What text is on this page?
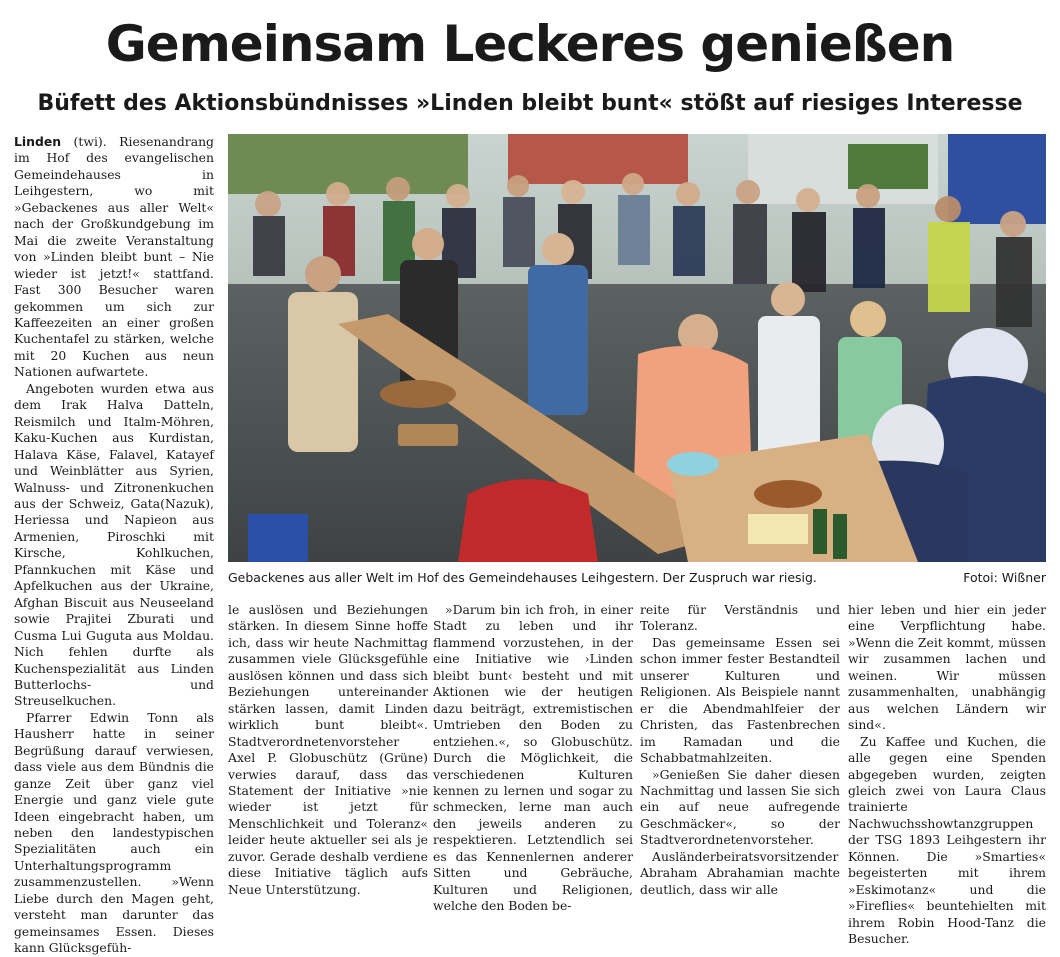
Gemeinsam Leckeres genießen
Büfett des Aktionsbündnisses »Linden bleibt bunt« stößt auf riesiges Interesse

Linden (twi). Riesenandrang im Hof des evangelischen Gemeindehauses in Leihgestern, wo mit »Gebackenes aus aller Welt« nach der Großkundgebung im Mai die zweite Veranstaltung von »Linden bleibt bunt – Nie wieder ist jetzt!« stattfand. Fast 300 Besucher waren gekommen um sich zur Kaffeezeiten an einer großen Kuchentafel zu stärken, welche mit 20 Kuchen aus neun Nationen aufwartete.

Angeboten wurden etwa aus dem Irak Halva Datteln, Reismilch und Italm-Möhren, Kaku-Kuchen aus Kurdistan, Halava Käse, Falavel, Katayef und Weinblätter aus Syrien, Walnuss- und Zitronenkuchen aus der Schweiz, Gata(Nazuk), Heriessa und Napieon aus Armenien, Piroschki mit Kirsche, Kohlkuchen, Pfannkuchen mit Käse und Apfelkuchen aus der Ukraine, Afghan Biscuit aus Neuseeland sowie Prajitei Zburati und Cusma Lui Guguta aus Moldau. Nich fehlen durfte als Kuchenspezialität aus Linden Butterlochs- und Streuselkuchen.

Pfarrer Edwin Tonn als Hausherr hatte in seiner Begrüßung darauf verwiesen, dass viele aus dem Bündnis die ganze Zeit über ganz viel Energie und ganz viele gute Ideen eingebracht haben, um neben den landestypischen Spezialitäten auch ein Unterhaltungsprogramm zusammenzustellen. »Wenn Liebe durch den Magen geht, versteht man darunter das gemeinsames Essen. Dieses kann Glücksgefüh-

Gebackenes aus aller Welt im Hof des Gemeindehauses Leihgestern. Der Zuspruch war riesig.	Fotoi: Wißner

le auslösen und Beziehungen stärken. In diesem Sinne hoffe ich, dass wir heute Nachmittag zusammen viele Glücksgefühle auslösen können und dass sich Beziehungen untereinander stärken lassen, damit Linden wirklich bunt bleibt«. Stadtverordnetenvorsteher Axel P. Globuschütz (Grüne) verwies darauf, dass das Statement der Initiative »nie wieder ist jetzt für Menschlichkeit und Toleranz« leider heute aktueller sei als je zuvor. Gerade deshalb verdiene diese Initiative täglich aufs Neue Unterstützung.

»Darum bin ich froh, in einer Stadt zu leben und ihr flammend vorzustehen, in der eine Initiative wie ›Linden bleibt bunt‹ besteht und mit Aktionen wie der heutigen dazu beiträgt, extremistischen Umtrieben den Boden zu entziehen.«, so Globuschütz. Durch die Möglichkeit, die verschiedenen Kulturen kennen zu lernen und sogar zu schmecken, lerne man auch den jeweils anderen zu respektieren. Letztendlich sei es das Kennenlernen anderer Sitten und Gebräuche, Kulturen und Religionen, welche den Boden be-

reite für Verständnis und Toleranz.

Das gemeinsame Essen sei schon immer fester Bestandteil unserer Kulturen und Religionen. Als Beispiele nannt er die Abendmahlfeier der Christen, das Fastenbrechen im Ramadan und die Schabbatmahlzeiten.

»Genießen Sie daher diesen Nachmittag und lassen Sie sich ein auf neue aufregende Geschmäcker«, so der Stadtverordnetenvorsteher.

Ausländerbeiratsvorsitzender Abraham Abrahamian machte deutlich, dass wir alle

hier leben und hier ein jeder eine Verpflichtung habe. »Wenn die Zeit kommt, müssen wir zusammen lachen und weinen. Wir müssen zusammenhalten, unabhängig aus welchen Ländern wir sind«.

Zu Kaffee und Kuchen, die alle gegen eine Spenden abgegeben wurden, zeigten gleich zwei von Laura Claus trainierte Nachwuchsshowtanzgruppen der TSG 1893 Leihgestern ihr Können. Die »Smarties« begeisterten mit ihrem »Eskimotanz« und die »Fireflies« beuntehielten mit ihrem Robin Hood-Tanz die Besucher.
